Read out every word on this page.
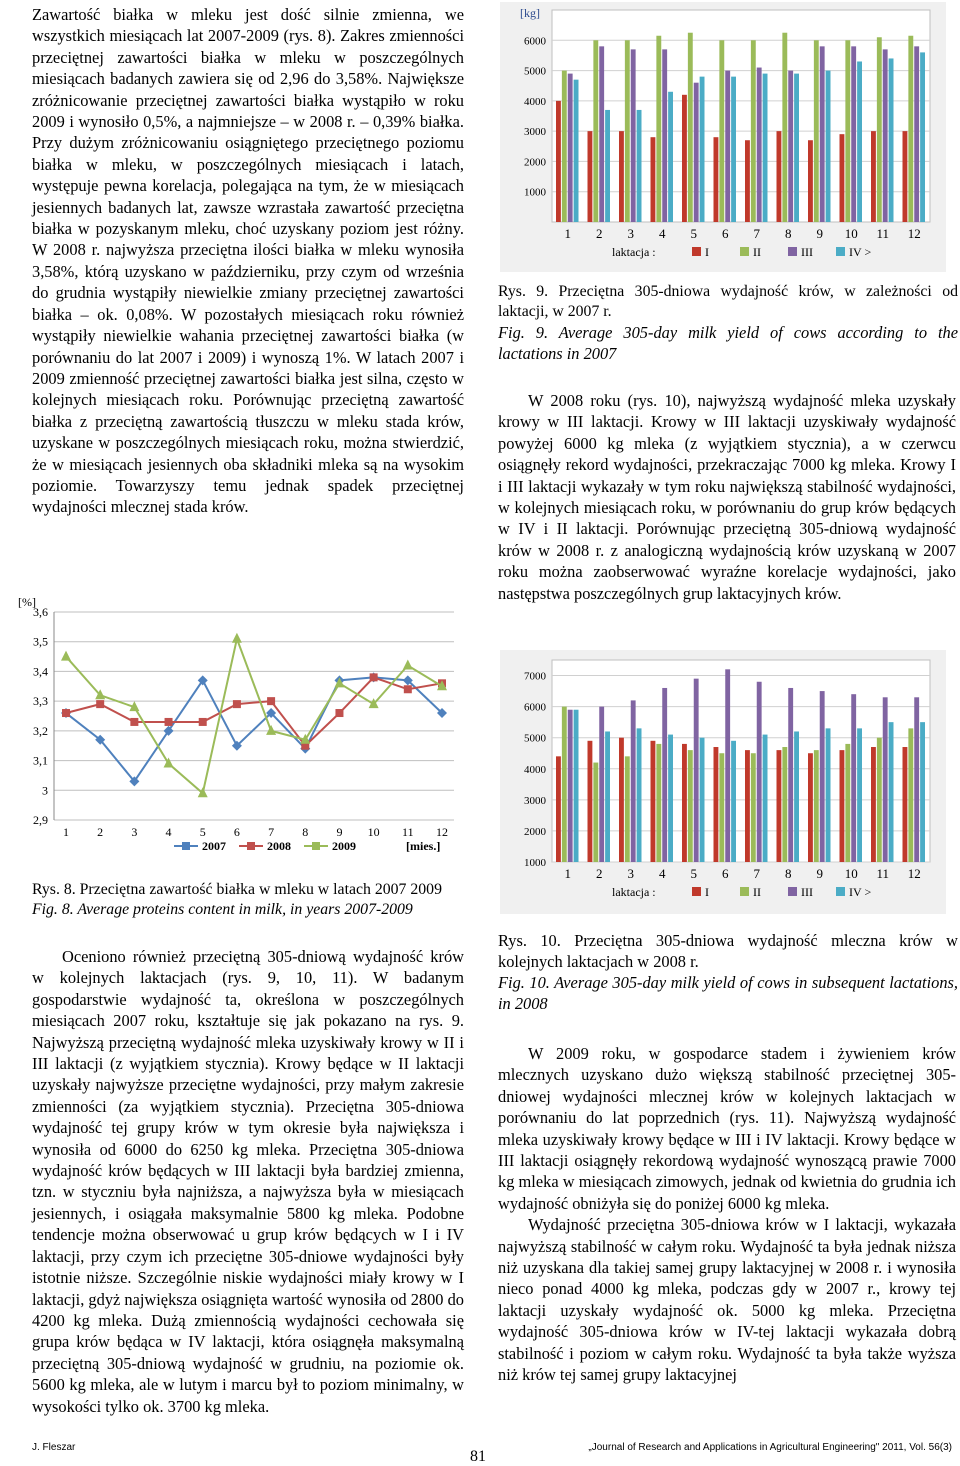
Zawartość białka w mleku jest dość silnie zmienna, we wszystkich miesiącach lat 2007-2009 (rys. 8). Zakres zmienności przeciętnej zawartości białka w mleku w poszczególnych miesiącach badanych zawiera się od 2,96 do 3,58%. Największe zróżnicowanie przeciętnej zawartości białka wystąpiło w roku 2009 i wynosiło 0,5%, a najmniejsze – w 2008 r. – 0,39% białka. Przy dużym zróżnicowaniu osiągniętego przeciętnego poziomu białka w mleku, w poszczególnych miesiącach i latach, występuje pewna korelacja, polegająca na tym, że w miesiącach jesiennych badanych lat, zawsze wzrastała zawartość przeciętna białka w pozyskanym mleku, choć uzyskany poziom jest różny. W 2008 r. najwyższa przeciętna ilości białka w mleku wynosiła 3,58%, którą uzyskano w październiku, przy czym od września do grudnia wystąpiły niewielkie zmiany przeciętnej zawartości białka – ok. 0,08%. W pozostałych miesiącach roku również wystąpiły niewielkie wahania przeciętnej zawartości białka (w porównaniu do lat 2007 i 2009) i wynoszą 1%. W latach 2007 i 2009 zmienność przeciętnej zawartości białka jest silna, często w kolejnych miesiącach roku. Porównując przeciętną zawartość białka z przeciętną zawartością tłuszczu w mleku stada krów, uzyskane w poszczególnych miesiącach roku, można stwierdzić, że w miesiącach jesiennych oba składniki mleka są na wysokim poziomie. Towarzyszy temu jednak spadek przeciętnej wydajności mlecznej stada krów.

[%]
2,9
3
3,1
3,2
3,3
3,4
3,5
3,6
1 2 3 4 5 6 7 8 9 10 11 12
2007	2008	2009	[mies.]

Rys. 8. Przeciętna zawartość białka w mleku w latach 2007 2009

Fig. 8. Average proteins content in milk, in years 2007-2009

Oceniono również przeciętną 305-dniową wydajność krów w kolejnych laktacjach (rys. 9, 10, 11). W badanym gospodarstwie wydajność ta, określona w poszczególnych miesiącach 2007 roku, kształtuje się jak pokazano na rys. 9. Najwyższą przeciętną wydajność mleka uzyskiwały krowy w II i III laktacji (z wyjątkiem stycznia). Krowy będące w II laktacji uzyskały najwyższe przeciętne wydajności, przy małym zakresie zmienności (za wyjątkiem stycznia). Przeciętna 305-dniowa wydajność tej grupy krów w tym okresie była największa i wynosiła od 6000 do 6250 kg mleka. Przeciętna 305-dniowa wydajność krów będących w III laktacji była bardziej zmienna, tzn. w styczniu była najniższa, a najwyższa była w miesiącach jesiennych, i osiągała maksymalnie 5800 kg mleka. Podobne tendencje można obserwować u grup krów będących w I i IV laktacji, przy czym ich przeciętne 305-dniowe wydajności były istotnie niższe. Szczególnie niskie wydajności miały krowy w I laktacji, gdyż największa osiągnięta wartość wynosiła od 2800 do 4200 kg mleka. Dużą zmiennością wydajności cechowała się grupa krów będąca w IV laktacji, która osiągnęła maksymalną przeciętną 305-dniową wydajność w grudniu, na poziomie ok. 5600 kg mleka, ale w lutym i marcu był to poziom minimalny, w wysokości tylko ok. 3700 kg mleka.

[kg]
1000
2000
3000
4000
5000
6000
1 2 3 4 5 6 7 8 9 10 11 12
laktacja :	I	II	III	IV >

Rys. 9. Przeciętna 305-dniowa wydajność krów, w zależności od laktacji, w 2007 r.

Fig. 9. Average 305-day milk yield of cows according to the lactations in 2007

W 2008 roku (rys. 10), najwyższą wydajność mleka uzyskały krowy w III laktacji. Krowy w III laktacji uzyskiwały wydajność powyżej 6000 kg mleka (z wyjątkiem stycznia), a w czerwcu osiągnęły rekord wydajności, przekraczając 7000 kg mleka. Krowy I i III laktacji wykazały w tym roku największą stabilność wydajności, w kolejnych miesiącach roku, w porównaniu do grup krów będących w IV i II laktacji. Porównując przeciętną 305-dniową wydajność krów w 2008 r. z analogiczną wydajnością krów uzyskaną w 2007 roku można zaobserwować wyraźne korelacje wydajności, jako następstwa poszczególnych grup laktacyjnych krów.

1000
2000
3000
4000
5000
6000
7000
1 2 3 4 5 6 7 8 9 10 11 12
laktacja :	I	II	III	IV >

Rys. 10. Przeciętna 305-dniowa wydajność mleczna krów w kolejnych laktacjach w 2008 r.

Fig. 10. Average 305-day milk yield of cows in subsequent lactations, in 2008

W 2009 roku, w gospodarce stadem i żywieniem krów mlecznych uzyskano dużo większą stabilność przeciętnej 305-dniowej wydajności mlecznej krów w kolejnych laktacjach w porównaniu do lat poprzednich (rys. 11). Najwyższą wydajność mleka uzyskiwały krowy będące w III i IV laktacji. Krowy będące w III laktacji osiągnęły rekordową wydajność wynoszącą prawie 7000 kg mleka w miesiącach zimowych, jednak od kwietnia do grudnia ich wydajność obniżyła się do poniżej 6000 kg mleka.

Wydajność przeciętna 305-dniowa krów w I laktacji, wykazała najwyższą stabilność w całym roku. Wydajność ta była jednak niższa niż uzyskana dla takiej samej grupy laktacyjnej w 2008 r. i wynosiła nieco ponad 4000 kg mleka, podczas gdy w 2007 r., krowy tej laktacji uzyskały wydajność ok. 5000 kg mleka. Przeciętna wydajność 305-dniowa krów w IV-tej laktacji wykazała dobrą stabilność i poziom w całym roku. Wydajność ta była także wyższa niż krów tej samej grupy laktacyjnej

J. Fleszar
81
„Journal of Research and Applications in Agricultural Engineering" 2011, Vol. 56(3)
